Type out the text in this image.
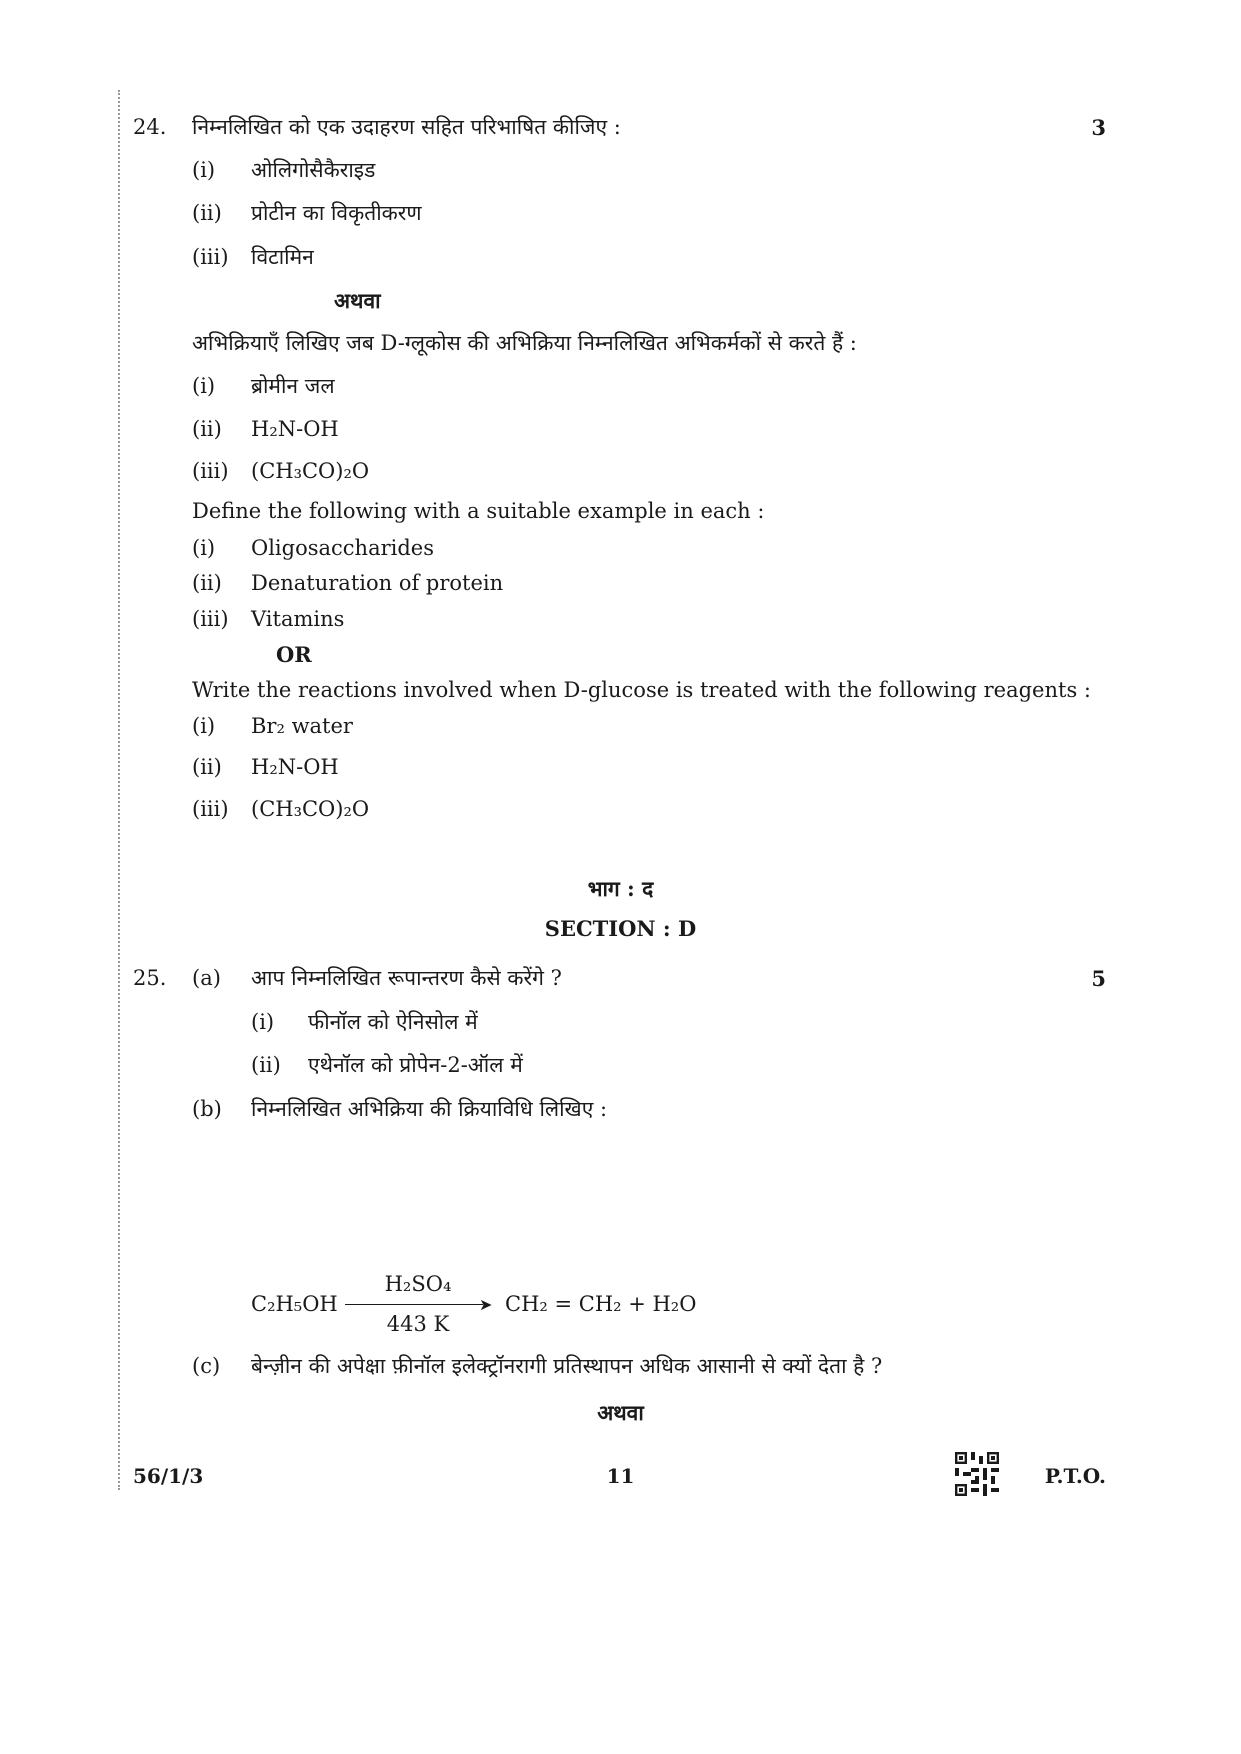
24. निम्नलिखित को एक उदाहरण सहित परिभाषित कीजिए :	3
(i) ओलिगोसैकैराइड
(ii) प्रोटीन का विकृतीकरण
(iii) विटामिन
अथवा
अभिक्रियाएँ लिखिए जब D-ग्लूकोस की अभिक्रिया निम्नलिखित अभिकर्मकों से करते हैं :
(i) ब्रोमीन जल
(ii) H₂N-OH
(iii) (CH₃CO)₂O
Define the following with a suitable example in each :
(i) Oligosaccharides
(ii) Denaturation of protein
(iii) Vitamins
OR
Write the reactions involved when D-glucose is treated with the following reagents :
(i) Br₂ water
(ii) H₂N-OH
(iii) (CH₃CO)₂O
भाग : द
SECTION : D
25. (a) आप निम्नलिखित रूपान्तरण कैसे करेंगे ?	5
(i) फीनॉल को ऐनिसोल में
(ii) एथेनॉल को प्रोपेन-2-ऑल में
(b) निम्नलिखित अभिक्रिया की क्रियाविधि लिखिए :
C₂H₅OH
H₂SO₄
➤
443 K
CH₂ = CH₂ + H₂O
(c) बेन्ज़ीन की अपेक्षा फ़ीनॉल इलेक्ट्रॉनरागी प्रतिस्थापन अधिक आसानी से क्यों देता है ?
अथवा
56/1/3	11	P.T.O.
